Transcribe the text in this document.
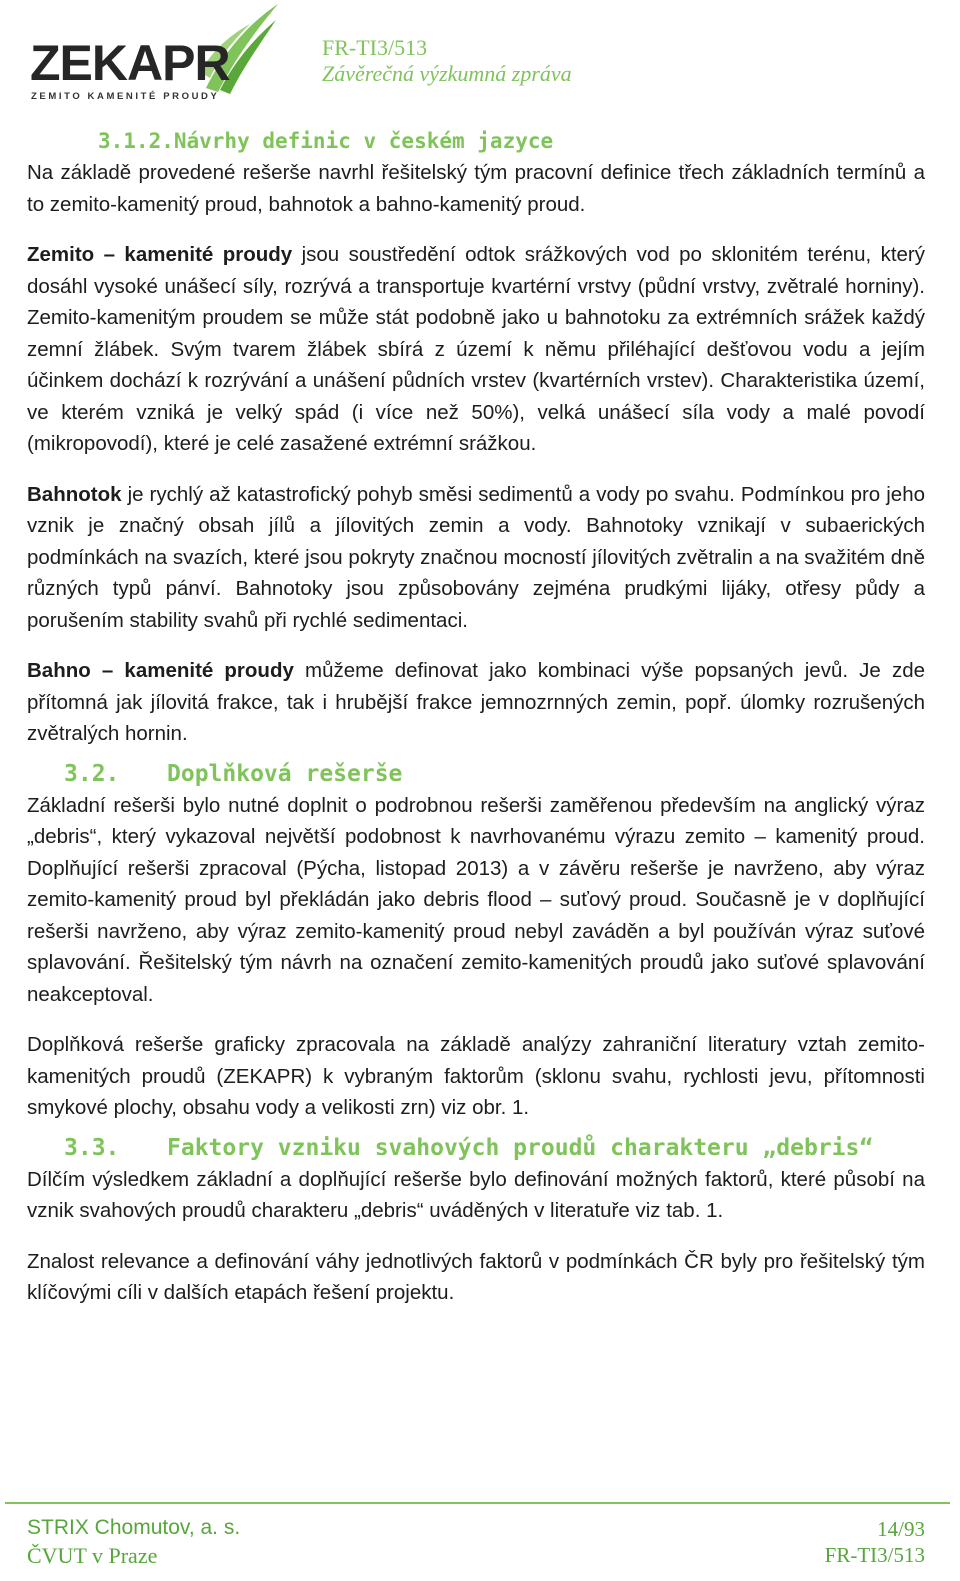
ZEKAPR
ZEMITO KAMENITÉ PROUDY
FR-TI3/513
Závěrečná výzkumná zpráva
3.1.2.Návrhy definic v českém jazyce

Na základě provedené rešerše navrhl řešitelský tým pracovní definice třech základních termínů a to zemito-kamenitý proud, bahnotok a bahno-kamenitý proud.

Zemito – kamenité proudy jsou soustředění odtok srážkových vod po sklonitém terénu, který dosáhl vysoké unášecí síly, rozrývá a transportuje kvartérní vrstvy (půdní vrstvy, zvětralé horniny). Zemito-kamenitým proudem se může stát podobně jako u bahnotoku za extrémních srážek každý zemní žlábek. Svým tvarem žlábek sbírá z území k němu přiléhající dešťovou vodu a jejím účinkem dochází k rozrývání a unášení půdních vrstev (kvartérních vrstev). Charakteristika území, ve kterém vzniká je velký spád (i více než 50%), velká unášecí síla vody a malé povodí (mikropovodí), které je celé zasažené extrémní srážkou.

Bahnotok je rychlý až katastrofický pohyb směsi sedimentů a vody po svahu. Podmínkou pro jeho vznik je značný obsah jílů a jílovitých zemin a vody. Bahnotoky vznikají v subaerických podmínkách na svazích, které jsou pokryty značnou mocností jílovitých zvětralin a na svažitém dně různých typů pánví. Bahnotoky jsou způsobovány zejména prudkými lijáky, otřesy půdy a porušením stability svahů při rychlé sedimentaci.

Bahno – kamenité proudy můžeme definovat jako kombinaci výše popsaných jevů. Je zde přítomná jak jílovitá frakce, tak i hrubější frakce jemnozrnných zemin, popř. úlomky rozrušených zvětralých hornin.

3.2. Doplňková rešerše

Základní rešerši bylo nutné doplnit o podrobnou rešerši zaměřenou především na anglický výraz „debris“, který vykazoval největší podobnost k navrhovanému výrazu zemito – kamenitý proud. Doplňující rešerši zpracoval (Pýcha, listopad 2013) a v závěru rešerše je navrženo, aby výraz zemito-kamenitý proud byl překládán jako debris flood – suťový proud. Současně je v doplňující rešerši navrženo, aby výraz zemito-kamenitý proud nebyl zaváděn a byl používán výraz suťové splavování. Řešitelský tým návrh na označení zemito-kamenitých proudů jako suťové splavování neakceptoval.

Doplňková rešerše graficky zpracovala na základě analýzy zahraniční literatury vztah zemito-kamenitých proudů (ZEKAPR) k vybraným faktorům (sklonu svahu, rychlosti jevu, přítomnosti smykové plochy, obsahu vody a velikosti zrn) viz obr. 1.

3.3. Faktory vzniku svahových proudů charakteru „debris“

Dílčím výsledkem základní a doplňující rešerše bylo definování možných faktorů, které působí na vznik svahových proudů charakteru „debris“ uváděných v literatuře viz tab. 1.

Znalost relevance a definování váhy jednotlivých faktorů v podmínkách ČR byly pro řešitelský tým klíčovými cíli v dalších etapách řešení projektu.

STRIX Chomutov, a. s.
ČVUT v Praze
14/93
FR-TI3/513
